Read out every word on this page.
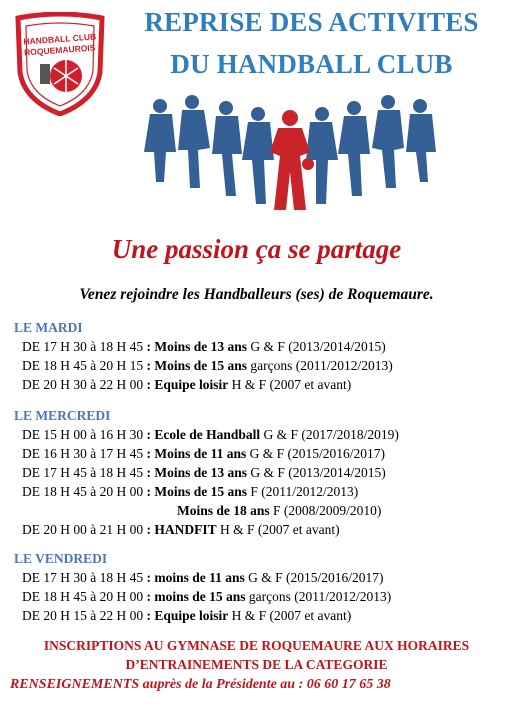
HANDBALL CLUB
ROQUEMAUROIS
REPRISE DES ACTIVITES
DU HANDBALL CLUB
Une passion ça se partage
Venez rejoindre les Handballeurs (ses) de Roquemaure.
LE MARDI
DE 17 H 30 à 18 H 45 : Moins de 13 ans G & F (2013/2014/2015)
DE 18 H 45 à 20 H 15 : Moins de 15 ans garçons (2011/2012/2013)
DE 20 H 30 à 22 H 00 : Equipe loisir H & F (2007 et avant)
LE MERCREDI
DE 15 H 00 à 16 H 30 : Ecole de Handball G & F (2017/2018/2019)
DE 16 H 30 à 17 H 45 : Moins de 11 ans G & F (2015/2016/2017)
DE 17 H 45 à 18 H 45 : Moins de 13 ans G & F (2013/2014/2015)
DE 18 H 45 à 20 H 00 : Moins de 15 ans F (2011/2012/2013)
Moins de 18 ans F (2008/2009/2010)
DE 20 H 00 à 21 H 00 : HANDFIT H & F (2007 et avant)
LE VENDREDI
DE 17 H 30 à 18 H 45 : moins de 11 ans G & F (2015/2016/2017)
DE 18 H 45 à 20 H 00 : moins de 15 ans garçons (2011/2012/2013)
DE 20 H 15 à 22 H 00 : Equipe loisir H & F (2007 et avant)
INSCRIPTIONS AU GYMNASE DE ROQUEMAURE AUX HORAIRES
D’ENTRAINEMENTS DE LA CATEGORIE
RENSEIGNEMENTS auprès de la Présidente au : 06 60 17 65 38
